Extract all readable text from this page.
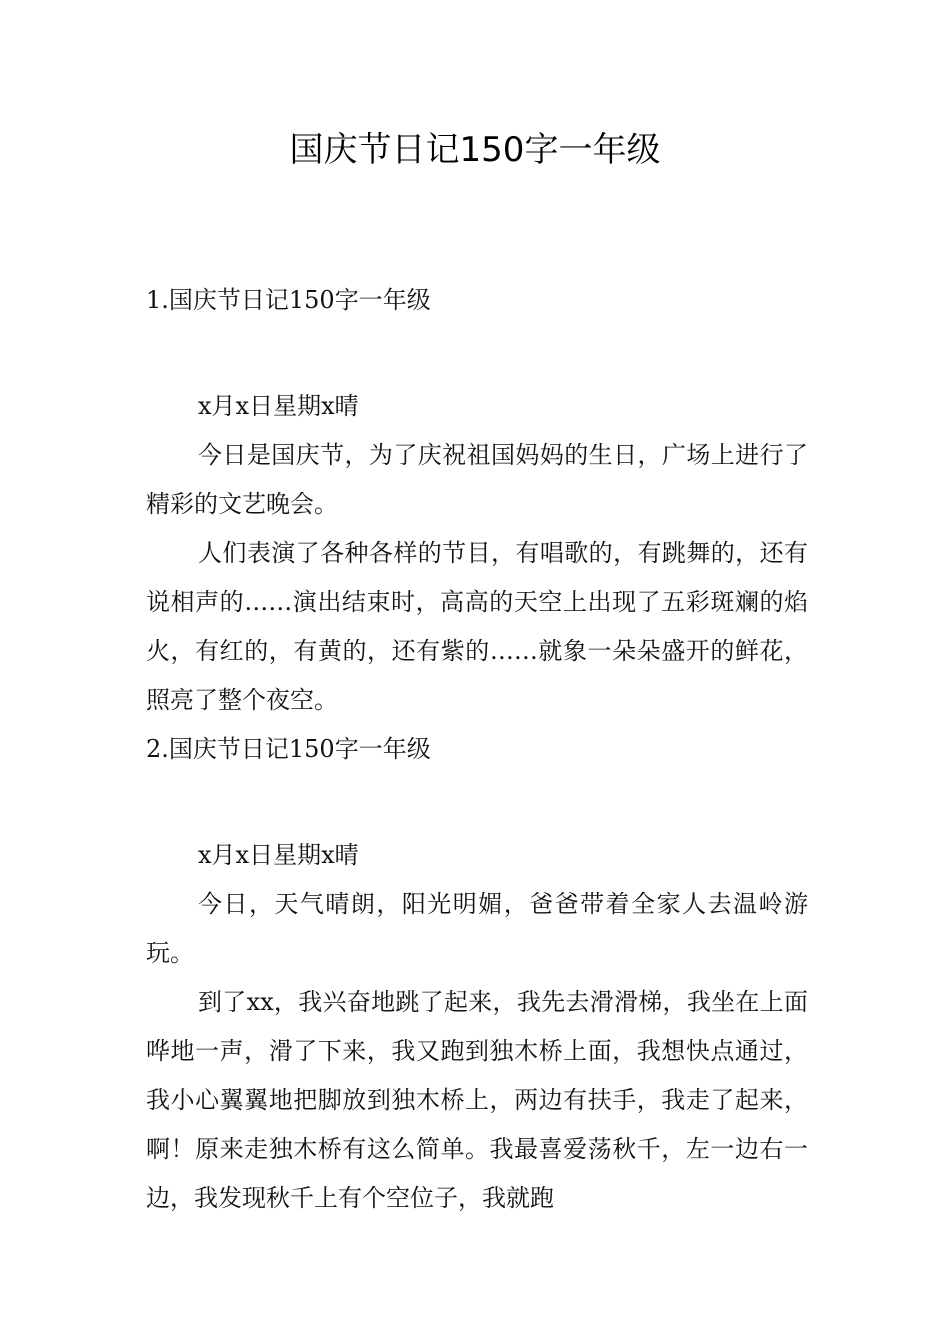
国庆节日记150字一年级

1.国庆节日记150字一年级

x月x日星期x晴

今日是国庆节，为了庆祝祖国妈妈的生日，广场上进行了精彩的文艺晚会。

人们表演了各种各样的节目，有唱歌的，有跳舞的，还有说相声的……演出结束时，高高的天空上出现了五彩斑斓的焰火，有红的，有黄的，还有紫的……就象一朵朵盛开的鲜花，照亮了整个夜空。

2.国庆节日记150字一年级

x月x日星期x晴

今日，天气晴朗，阳光明媚，爸爸带着全家人去温岭游玩。

到了xx，我兴奋地跳了起来，我先去滑滑梯，我坐在上面哗地一声，滑了下来，我又跑到独木桥上面，我想快点通过，我小心翼翼地把脚放到独木桥上，两边有扶手，我走了起来，啊！原来走独木桥有这么简单。我最喜爱荡秋千，左一边右一边，我发现秋千上有个空位子，我就跑
